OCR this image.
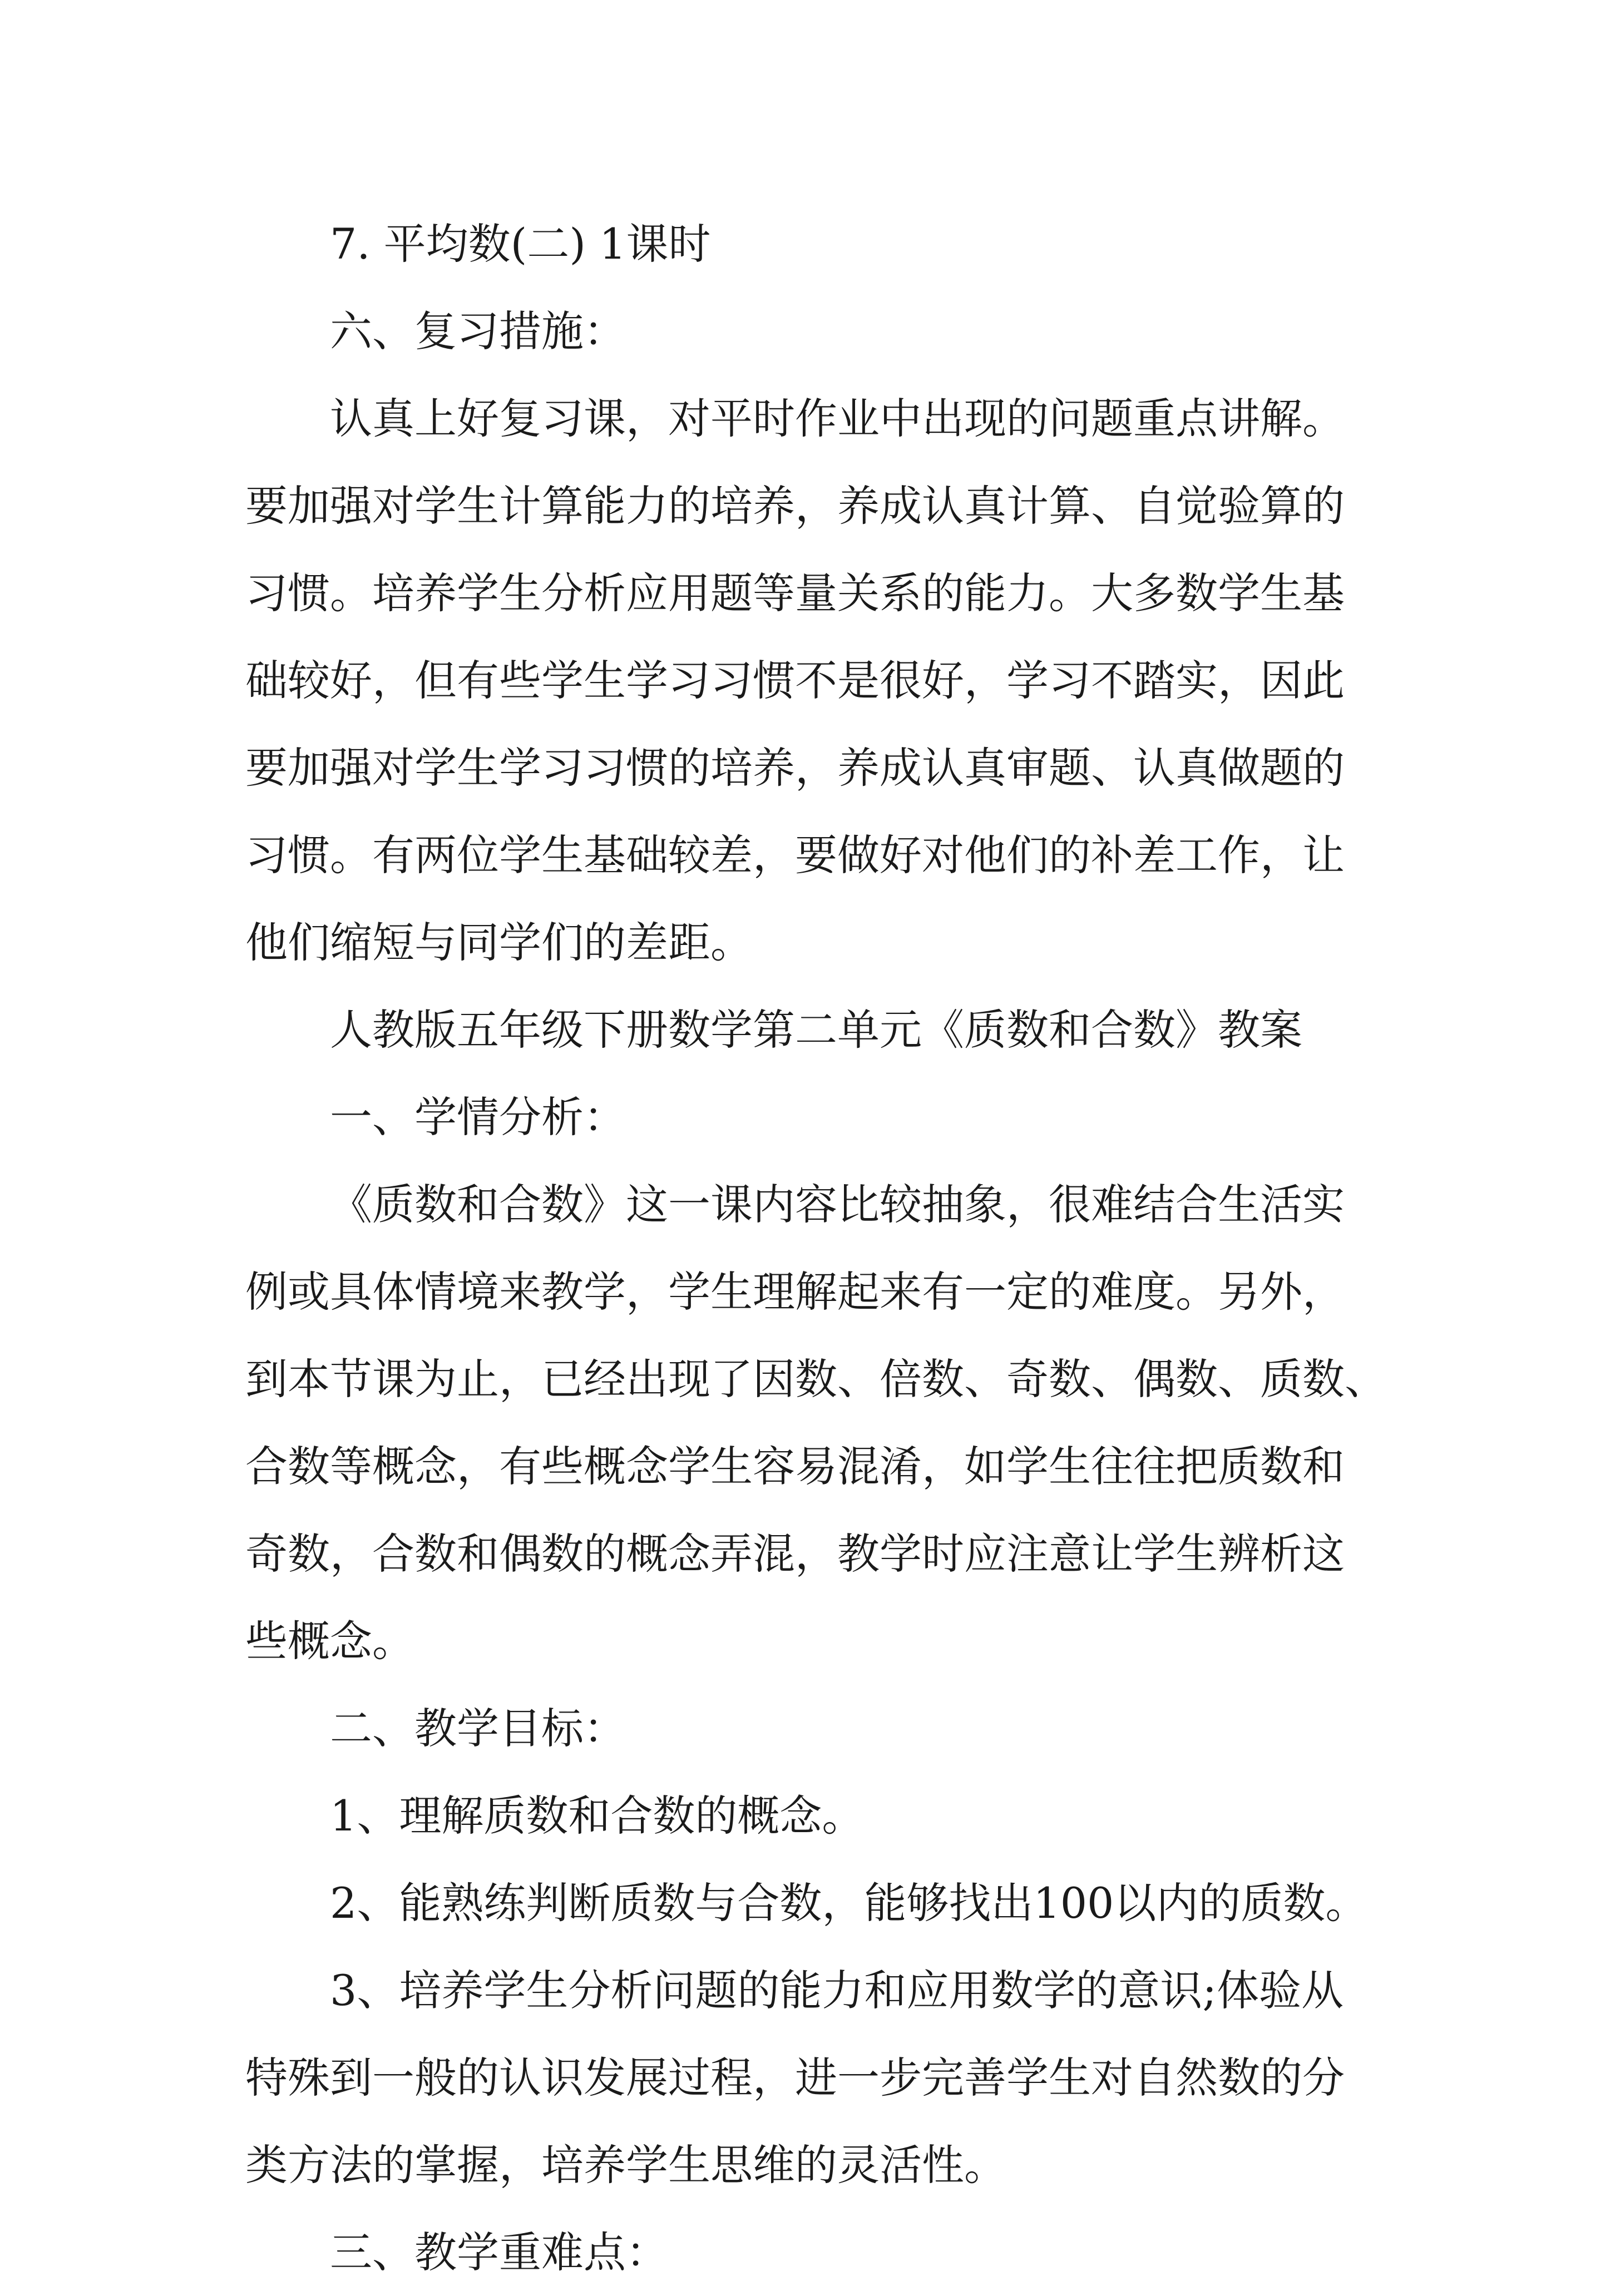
7. 平均数(二) 1课时
六、复习措施：
认真上好复习课，对平时作业中出现的问题重点讲解。
要加强对学生计算能力的培养，养成认真计算、自觉验算的
习惯。培养学生分析应用题等量关系的能力。大多数学生基
础较好，但有些学生学习习惯不是很好，学习不踏实，因此
要加强对学生学习习惯的培养，养成认真审题、认真做题的
习惯。有两位学生基础较差，要做好对他们的补差工作，让
他们缩短与同学们的差距。
人教版五年级下册数学第二单元《质数和合数》教案
一、学情分析：
《质数和合数》这一课内容比较抽象，很难结合生活实
例或具体情境来教学，学生理解起来有一定的难度。另外，
到本节课为止，已经出现了因数、倍数、奇数、偶数、质数、
合数等概念，有些概念学生容易混淆，如学生往往把质数和
奇数，合数和偶数的概念弄混，教学时应注意让学生辨析这
些概念。
二、教学目标：
1、理解质数和合数的概念。
2、能熟练判断质数与合数，能够找出100以内的质数。
3、培养学生分析问题的能力和应用数学的意识;体验从
特殊到一般的认识发展过程，进一步完善学生对自然数的分
类方法的掌握，培养学生思维的灵活性。
三、教学重难点：
